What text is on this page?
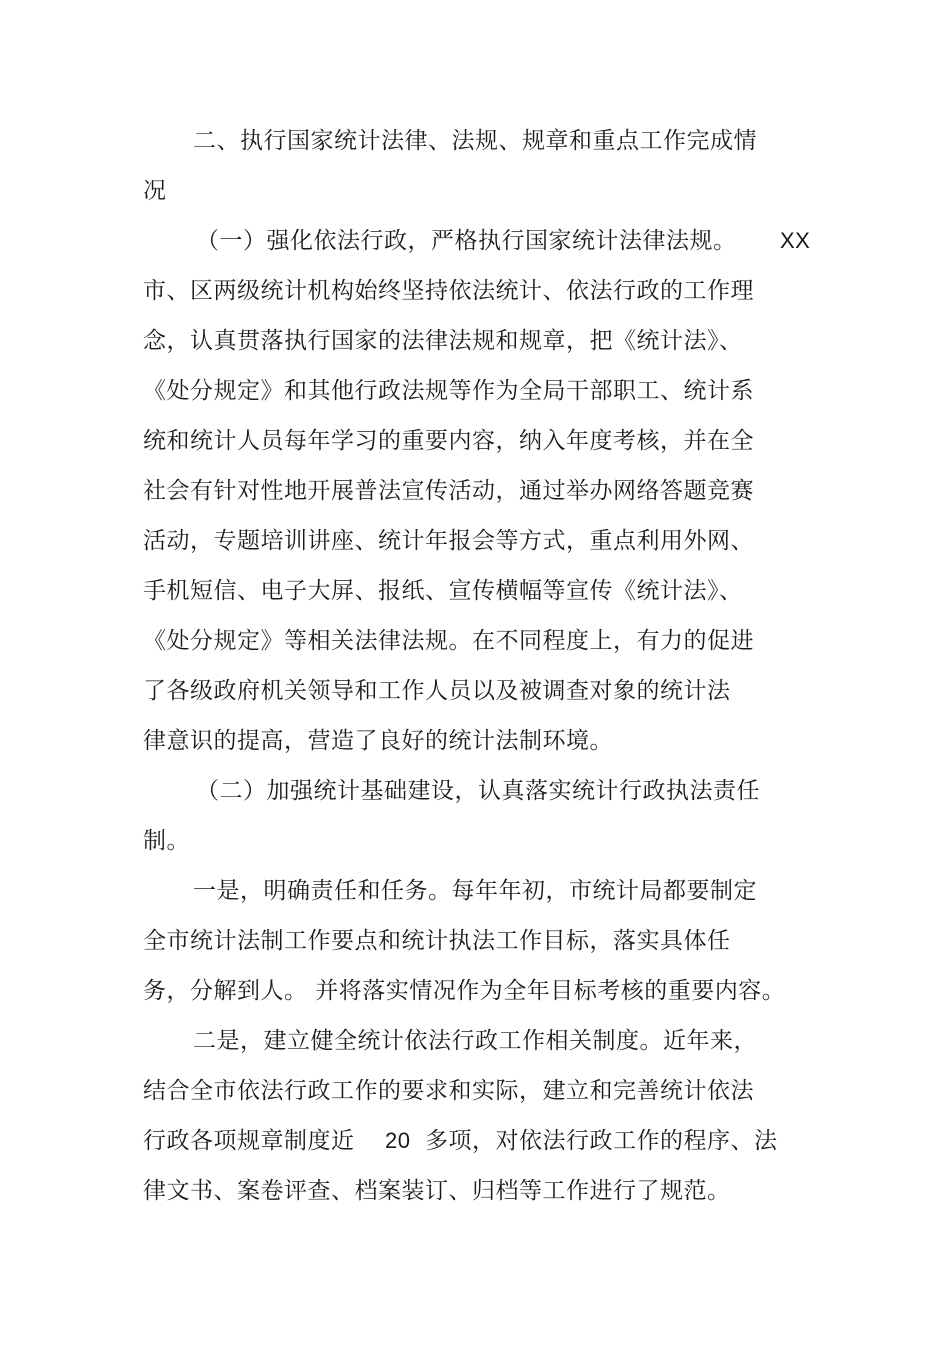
二、执行国家统计法律、法规、规章和重点工作完成情
况
（一）强化依法行政，严格执行国家统计法律法规。 XX
市、区两级统计机构始终坚持依法统计、依法行政的工作理
念，认真贯落执行国家的法律法规和规章，把《统计法》、
《处分规定》和其他行政法规等作为全局干部职工、统计系
统和统计人员每年学习的重要内容，纳入年度考核，并在全
社会有针对性地开展普法宣传活动，通过举办网络答题竞赛
活动，专题培训讲座、统计年报会等方式，重点利用外网、
手机短信、电子大屏、报纸、宣传横幅等宣传《统计法》、
《处分规定》等相关法律法规。在不同程度上，有力的促进
了各级政府机关领导和工作人员以及被调查对象的统计法
律意识的提高，营造了良好的统计法制环境。
（二）加强统计基础建设，认真落实统计行政执法责任
制。
一是，明确责任和任务。每年年初，市统计局都要制定
全市统计法制工作要点和统计执法工作目标，落实具体任
务，分解到人。 并将落实情况作为全年目标考核的重要内容。
二是，建立健全统计依法行政工作相关制度。近年来，
结合全市依法行政工作的要求和实际，建立和完善统计依法
行政各项规章制度近 20 多项，对依法行政工作的程序、法
律文书、案卷评查、档案装订、归档等工作进行了规范。
